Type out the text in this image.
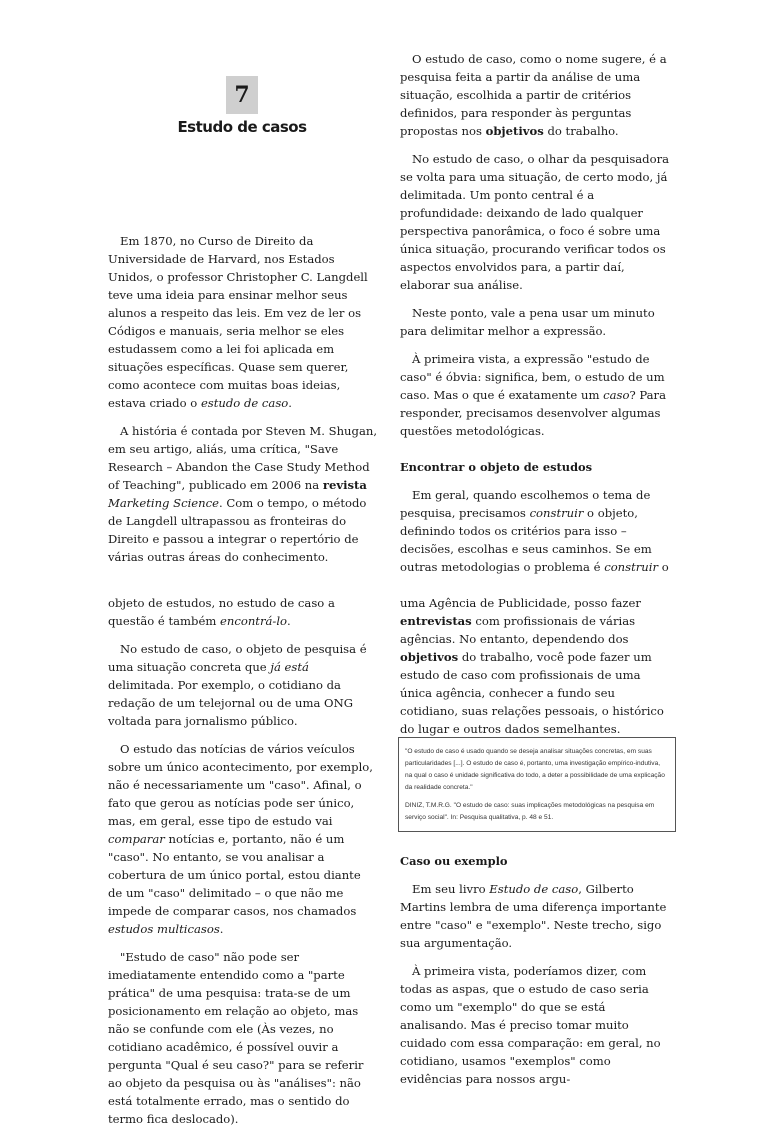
7
Estudo de casos

Em 1870, no Curso de Direito da Universidade de Harvard, nos Estados Unidos, o professor Christopher C. Langdell teve uma ideia para ensinar melhor seus alunos a respeito das leis. Em vez de ler os Códigos e manuais, seria melhor se eles estudassem como a lei foi aplicada em situações específicas. Quase sem querer, como acontece com muitas boas ideias, estava criado o estudo de caso.

A história é contada por Steven M. Shugan, em seu artigo, aliás, uma crítica, "Save Research – Abandon the Case Study Method of Teaching", publicado em 2006 na revista Marketing Science. Com o tempo, o método de Langdell ultrapassou as fronteiras do Direito e passou a integrar o repertório de várias outras áreas do conhecimento.

O estudo de caso, como o nome sugere, é a pesquisa feita a partir da análise de uma situação, escolhida a partir de critérios definidos, para responder às perguntas propostas nos objetivos do trabalho.

No estudo de caso, o olhar da pesquisadora se volta para uma situação, de certo modo, já delimitada. Um ponto central é a profundidade: deixando de lado qualquer perspectiva panorâmica, o foco é sobre uma única situação, procurando verificar todos os aspectos envolvidos para, a partir daí, elaborar sua análise.

Neste ponto, vale a pena usar um minuto para delimitar melhor a expressão.

À primeira vista, a expressão "estudo de caso" é óbvia: significa, bem, o estudo de um caso. Mas o que é exatamente um caso? Para responder, precisamos desenvolver algumas questões metodológicas.

Encontrar o objeto de estudos

Em geral, quando escolhemos o tema de pesquisa, precisamos construir o objeto, definindo todos os critérios para isso – decisões, escolhas e seus caminhos. Se em outras metodologias o problema é construir o

objeto de estudos, no estudo de caso a questão é também encontrá-lo.

No estudo de caso, o objeto de pesquisa é uma situação concreta que já está delimitada. Por exemplo, o cotidiano da redação de um telejornal ou de uma ONG voltada para jornalismo público.

O estudo das notícias de vários veículos sobre um único acontecimento, por exemplo, não é necessariamente um "caso". Afinal, o fato que gerou as notícias pode ser único, mas, em geral, esse tipo de estudo vai comparar notícias e, portanto, não é um "caso". No entanto, se vou analisar a cobertura de um único portal, estou diante de um "caso" delimitado – o que não me impede de comparar casos, nos chamados estudos multicasos.

"Estudo de caso" não pode ser imediatamente entendido como a "parte prática" de uma pesquisa: trata-se de um posicionamento em relação ao objeto, mas não se confunde com ele (Às vezes, no cotidiano acadêmico, é possível ouvir a pergunta "Qual é seu caso?" para se referir ao objeto da pesquisa ou às "análises": não está totalmente errado, mas o sentido do termo fica deslocado).

uma Agência de Publicidade, posso fazer entrevistas com profissionais de várias agências. No entanto, dependendo dos objetivos do trabalho, você pode fazer um estudo de caso com profissionais de uma única agência, conhecer a fundo seu cotidiano, suas relações pessoais, o histórico do lugar e outros dados semelhantes.

"O estudo de caso é usado quando se deseja analisar situações concretas, em suas particularidades [...]. O estudo de caso é, portanto, uma investigação empírico-indutiva, na qual o caso é unidade significativa do todo, a deter a possibilidade de uma explicação da realidade concreta."

DINIZ, T.M.R.G. "O estudo de caso: suas implicações metodológicas na pesquisa em serviço social". In: Pesquisa qualitativa, p. 48 e 51.

Caso ou exemplo

Em seu livro Estudo de caso, Gilberto Martins lembra de uma diferença importante entre "caso" e "exemplo". Neste trecho, sigo sua argumentação.

À primeira vista, poderíamos dizer, com todas as aspas, que o estudo de caso seria como um "exemplo" do que se está analisando. Mas é preciso tomar muito cuidado com essa comparação: em geral, no cotidiano, usamos "exemplos" como evidências para nossos argu-
